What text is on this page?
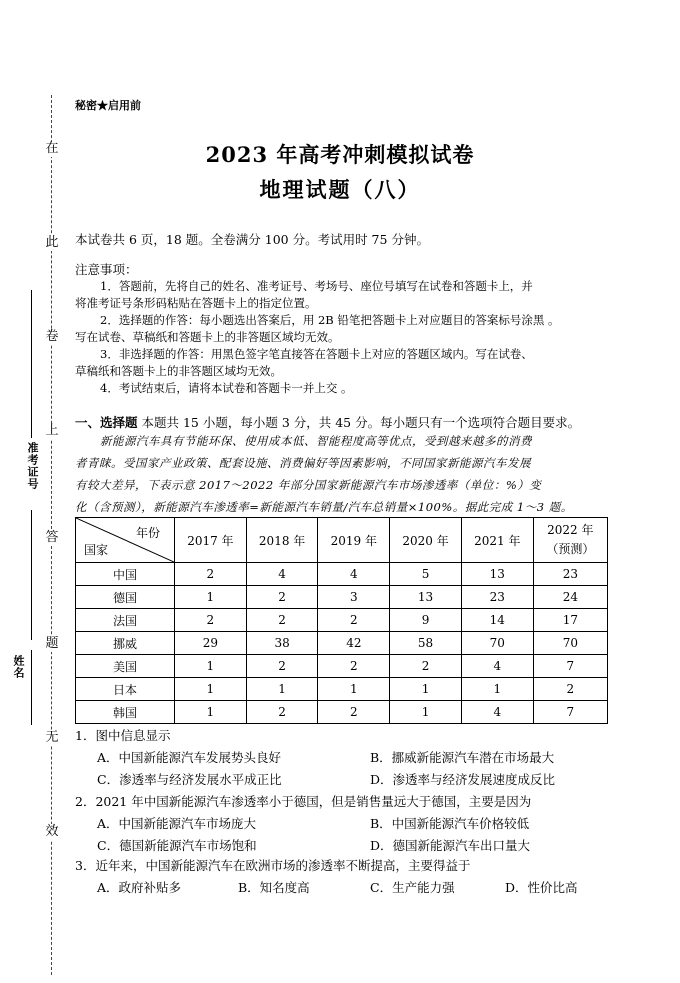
在
此
卷
上
答
题
无
效
准考证号
姓名
秘密★启用前
2023 年高考冲刺模拟试卷
地理试题（八）
本试卷共 6 页，18 题。全卷满分 100 分。考试用时 75 分钟。
注意事项：
1．答题前，先将自己的姓名、准考证号、考场号、座位号填写在试卷和答题卡上，并
将准考证号条形码粘贴在答题卡上的指定位置。
2．选择题的作答：每小题选出答案后，用 2B 铅笔把答题卡上对应题目的答案标号涂黑 。
写在试卷、草稿纸和答题卡上的非答题区域均无效。
3．非选择题的作答：用黑色签字笔直接答在答题卡上对应的答题区域内。写在试卷、
草稿纸和答题卡上的非答题区域均无效。
4．考试结束后，请将本试卷和答题卡一并上交 。
一、选择题 本题共 15 小题，每小题 3 分，共 45 分。每小题只有一个选项符合题目要求。
新能源汽车具有节能环保、使用成本低、智能程度高等优点，受到越来越多的消费
者青睐。受国家产业政策、配套设施、消费偏好等因素影响，不同国家新能源汽车发展
有较大差异，下表示意 2017～2022 年部分国家新能源汽车市场渗透率（单位：%）变
化（含预测），新能源汽车渗透率=新能源汽车销量/汽车总销量×100%。据此完成 1～3 题。
年份
国家	2017 年	2018 年	2019 年	2020 年	2021 年	2022 年
（预测）
中国	2	4	4	5	13	23
德国	1	2	3	13	23	24
法国	2	2	2	9	14	17
挪威	29	38	42	58	70	70
美国	1	2	2	2	4	7
日本	1	1	1	1	1	2
韩国	1	2	2	1	4	7
1．图中信息显示
A．中国新能源汽车发展势头良好	B．挪威新能源汽车潜在市场最大
C．渗透率与经济发展水平成正比	D．渗透率与经济发展速度成反比
2．2021 年中国新能源汽车渗透率小于德国，但是销售量远大于德国，主要是因为
A．中国新能源汽车市场庞大	B．中国新能源汽车价格较低
C．德国新能源汽车市场饱和	D．德国新能源汽车出口量大
3．近年来，中国新能源汽车在欧洲市场的渗透率不断提高，主要得益于
A．政府补贴多	B．知名度高	C．生产能力强	D．性价比高
